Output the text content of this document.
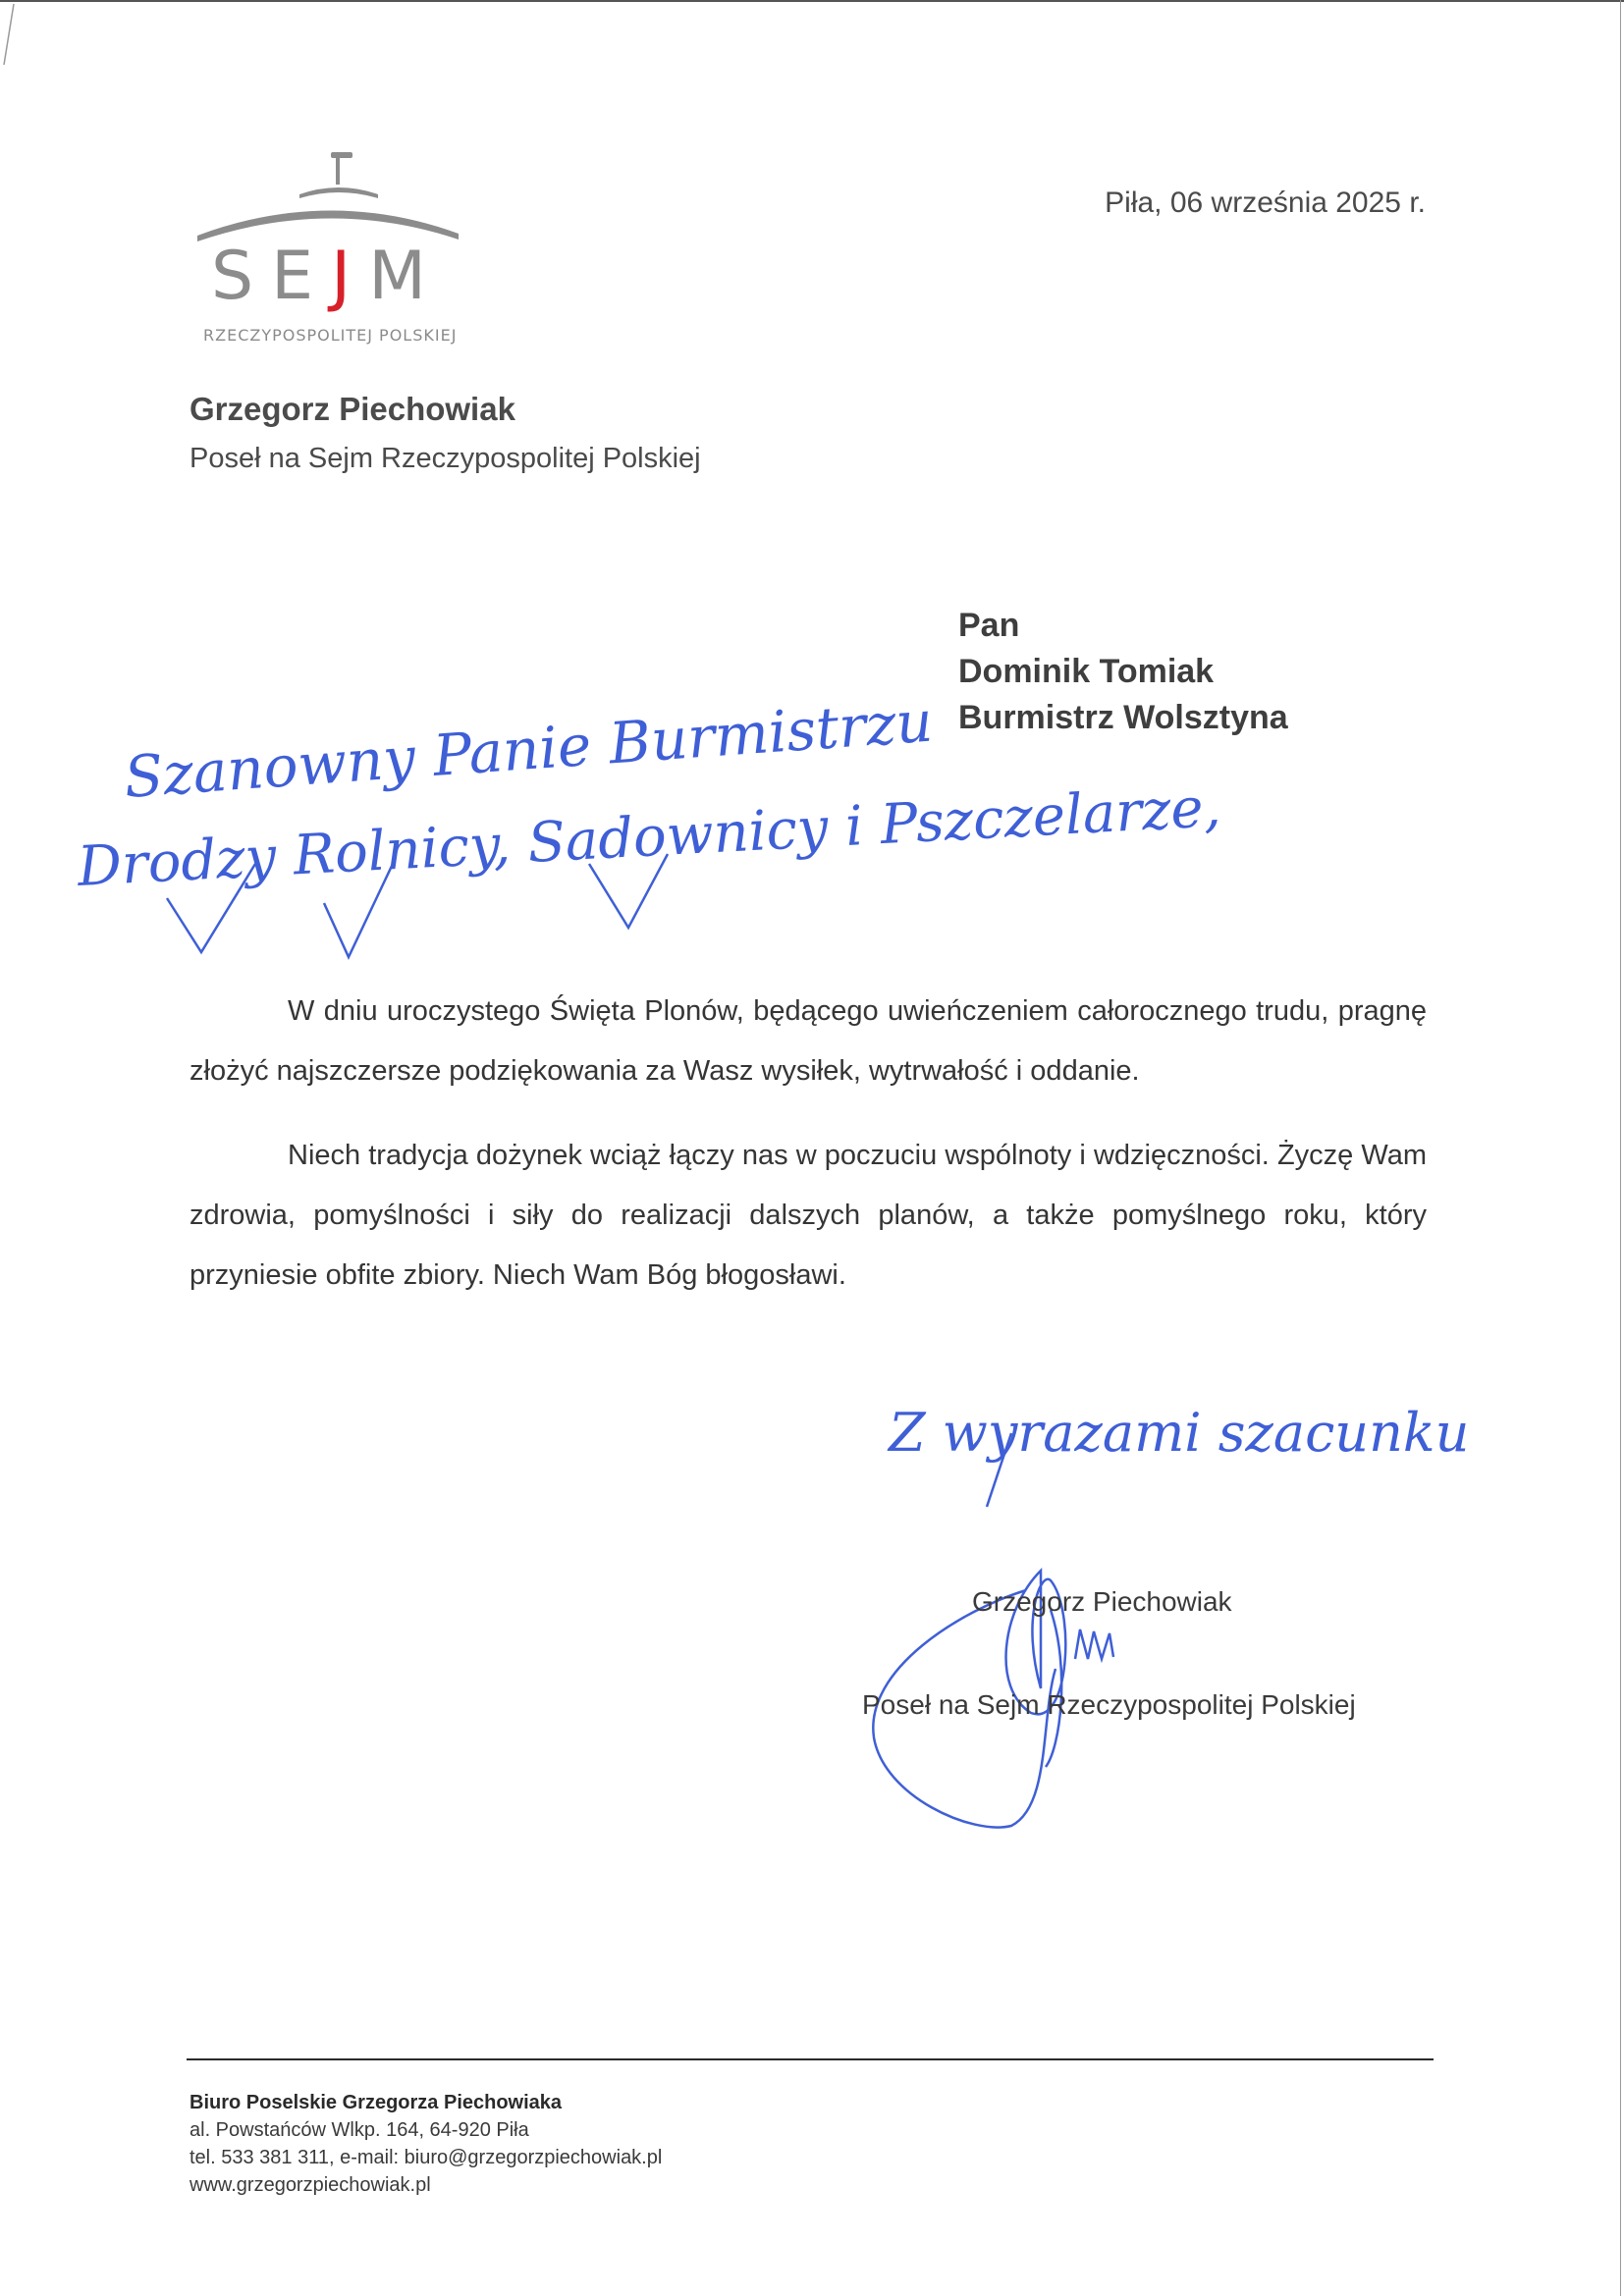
SEJM
RZECZYPOSPOLITEJ POLSKIEJ
Piła, 06 września 2025 r.
Grzegorz Piechowiak
Poseł na Sejm Rzeczypospolitej Polskiej
Pan
Dominik Tomiak
Burmistrz Wolsztyna
Szanowny Panie Burmistrzu
Drodzy Rolnicy, Sadownicy i Pszczelarze,
Z wyrazami szacunku

W dniu uroczystego Święta Plonów, będącego uwieńczeniem całorocznego trudu, pragnę złożyć najszczersze podziękowania za Wasz wysiłek, wytrwałość i oddanie.

Niech tradycja dożynek wciąż łączy nas w poczuciu wspólnoty i wdzięczności. Życzę Wam zdrowia, pomyślności i siły do realizacji dalszych planów, a także pomyślnego roku, który przyniesie obfite zbiory. Niech Wam Bóg błogosławi.

Grzegorz Piechowiak
Poseł na Sejm Rzeczypospolitej Polskiej
Biuro Poselskie Grzegorza Piechowiaka
al. Powstańców Wlkp. 164, 64-920 Piła
tel. 533 381 311, e-mail: biuro@grzegorzpiechowiak.pl
www.grzegorzpiechowiak.pl
